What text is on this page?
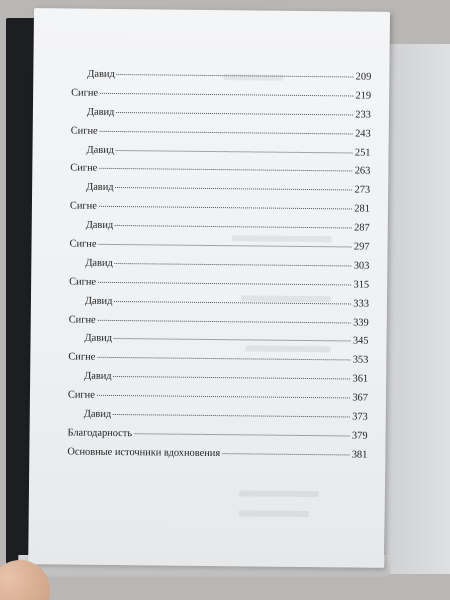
Давид	209
Сигне	219
Давид	233
Сигне	243
Давид	251
Сигне	263
Давид	273
Сигне	281
Давид	287
Сигне	297
Давид	303
Сигне	315
Давид	333
Сигне	339
Давид	345
Сигне	353
Давид	361
Сигне	367
Давид	373
Благодарность	379
Основные источники вдохновения	381
